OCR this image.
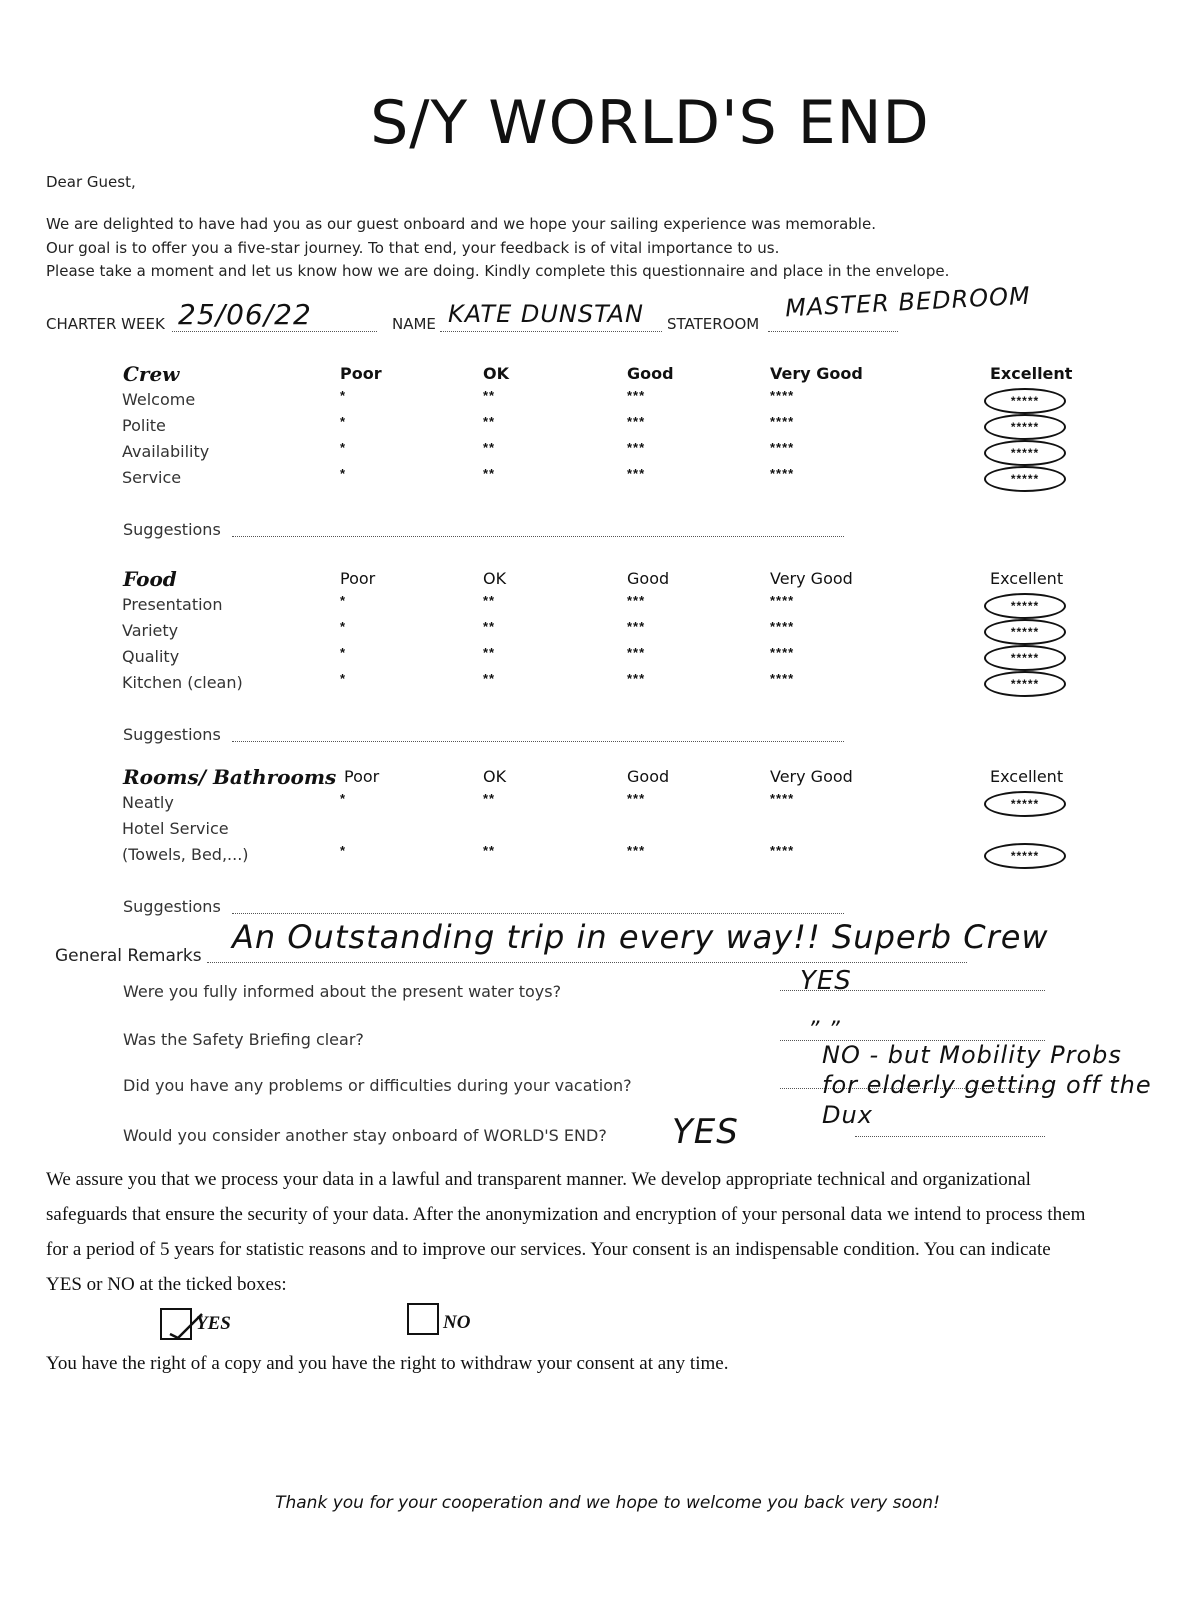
S/Y WORLD'S END
Dear Guest,
We are delighted to have had you as our guest onboard and we hope your sailing experience was memorable.
Our goal is to offer you a five-star journey. To that end, your feedback is of vital importance to us.
Please take a moment and let us know how we are doing. Kindly complete this questionnaire and place in the envelope.
CHARTER WEEK 25/06/22	NAME KATE DUNSTAN STATEROOM
MASTER BEDROOM
Crew	Poor	OK	Good	Very Good	Excellent
Welcome	*	**	***	****	*****
Polite	*	**	***	****	*****
Availability	*	**	***	****	*****
Service	*	**	***	****	*****
Suggestions
Food	Poor	OK	Good	Very Good	Excellent
Presentation	*	**	***	****	*****
Variety	*	**	***	****	*****
Quality	*	**	***	****	*****
Kitchen (clean)	*	**	***	****	*****
Suggestions
Rooms/ Bathrooms Poor	OK	Good	Very Good	Excellent
Neatly	*	**	***	****	*****
Hotel Service
(Towels, Bed,...)	*	**	***	****	*****
Suggestions
General Remarks An Outstanding trip in every way!! Superb Crew
Were you fully informed about the present water toys?	YES
Was the Safety Briefing clear?	” ”
Did you have any problems or difficulties during your vacation?
NO - but Mobility Probs for elderly getting off the Dux
Would you consider another stay onboard of WORLD'S END? YES
We assure you that we process your data in a lawful and transparent manner. We develop appropriate technical and organizational
safeguards that ensure the security of your data. After the anonymization and encryption of your personal data we intend to process them
for a period of 5 years for statistic reasons and to improve our services. Your consent is an indispensable condition. You can indicate
YES or NO at the ticked boxes:
YES	NO
You have the right of a copy and you have the right to withdraw your consent at any time.
Thank you for your cooperation and we hope to welcome you back very soon!
